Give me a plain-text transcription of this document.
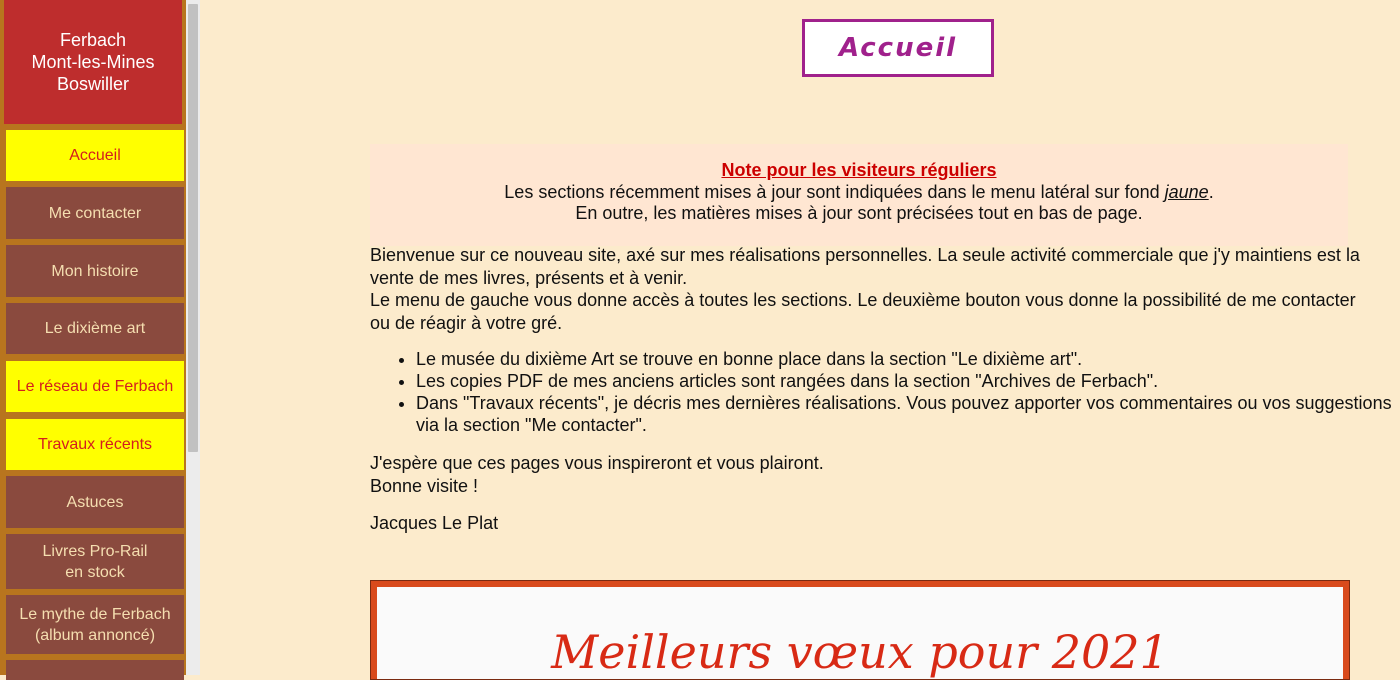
Ferbach
Mont-les-Mines
Boswiller
Accueil
Me contacter
Mon histoire
Le dixième art
Le réseau de Ferbach
Travaux récents
Astuces
Livres Pro-Rail
en stock
Le mythe de Ferbach
(album annoncé)
Accueil
Note pour les visiteurs réguliers
Les sections récemment mises à jour sont indiquées dans le menu latéral sur fond jaune.
En outre, les matières mises à jour sont précisées tout en bas de page.

Bienvenue sur ce nouveau site, axé sur mes réalisations personnelles. La seule activité commerciale que j'y maintiens est la vente de mes livres, présents et à venir.

Le menu de gauche vous donne accès à toutes les sections. Le deuxième bouton vous donne la possibilité de me contacter ou de réagir à votre gré.

• Le musée du dixième Art se trouve en bonne place dans la section "Le dixième art".
• Les copies PDF de mes anciens articles sont rangées dans la section "Archives de Ferbach".
• Dans "Travaux récents", je décris mes dernières réalisations. Vous pouvez apporter vos commentaires ou vos suggestions via la section "Me contacter".
J'espère que ces pages vous inspireront et vous plairont.
Bonne visite !
Jacques Le Plat
Meilleurs vœux pour 2021
